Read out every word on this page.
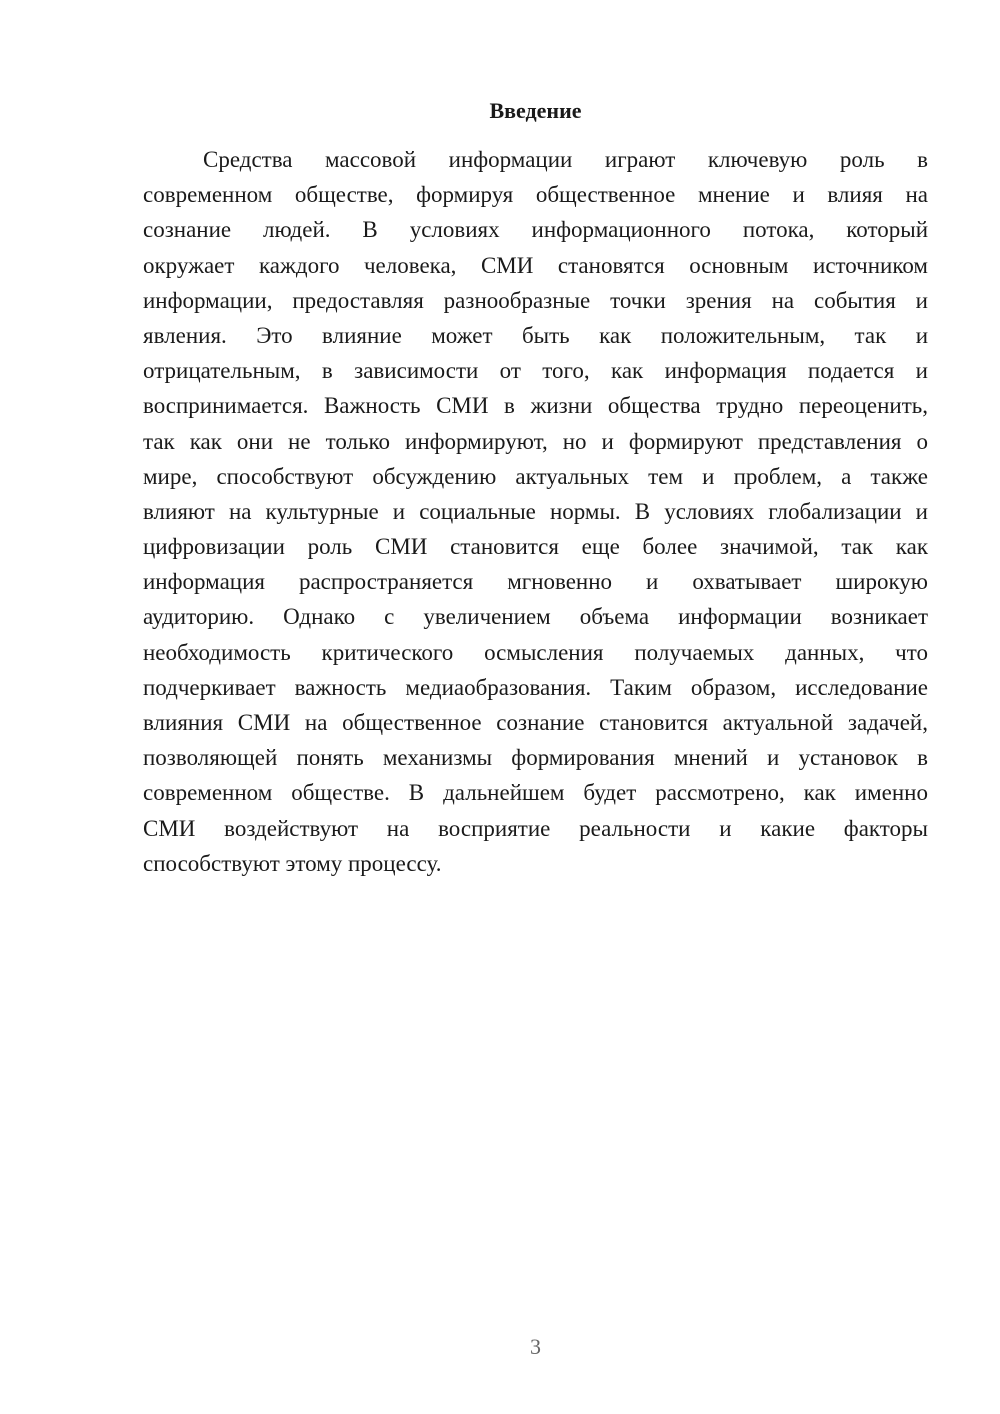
Введение
Средства массовой информации играют ключевую роль в
современном обществе, формируя общественное мнение и влияя на
сознание людей. В условиях информационного потока, который
окружает каждого человека, СМИ становятся основным источником
информации, предоставляя разнообразные точки зрения на события и
явления. Это влияние может быть как положительным, так и
отрицательным, в зависимости от того, как информация подается и
воспринимается. Важность СМИ в жизни общества трудно переоценить,
так как они не только информируют, но и формируют представления о
мире, способствуют обсуждению актуальных тем и проблем, а также
влияют на культурные и социальные нормы. В условиях глобализации и
цифровизации роль СМИ становится еще более значимой, так как
информация распространяется мгновенно и охватывает широкую
аудиторию. Однако с увеличением объема информации возникает
необходимость критического осмысления получаемых данных, что
подчеркивает важность медиаобразования. Таким образом, исследование
влияния СМИ на общественное сознание становится актуальной задачей,
позволяющей понять механизмы формирования мнений и установок в
современном обществе. В дальнейшем будет рассмотрено, как именно
СМИ воздействуют на восприятие реальности и какие факторы
способствуют этому процессу.
3
